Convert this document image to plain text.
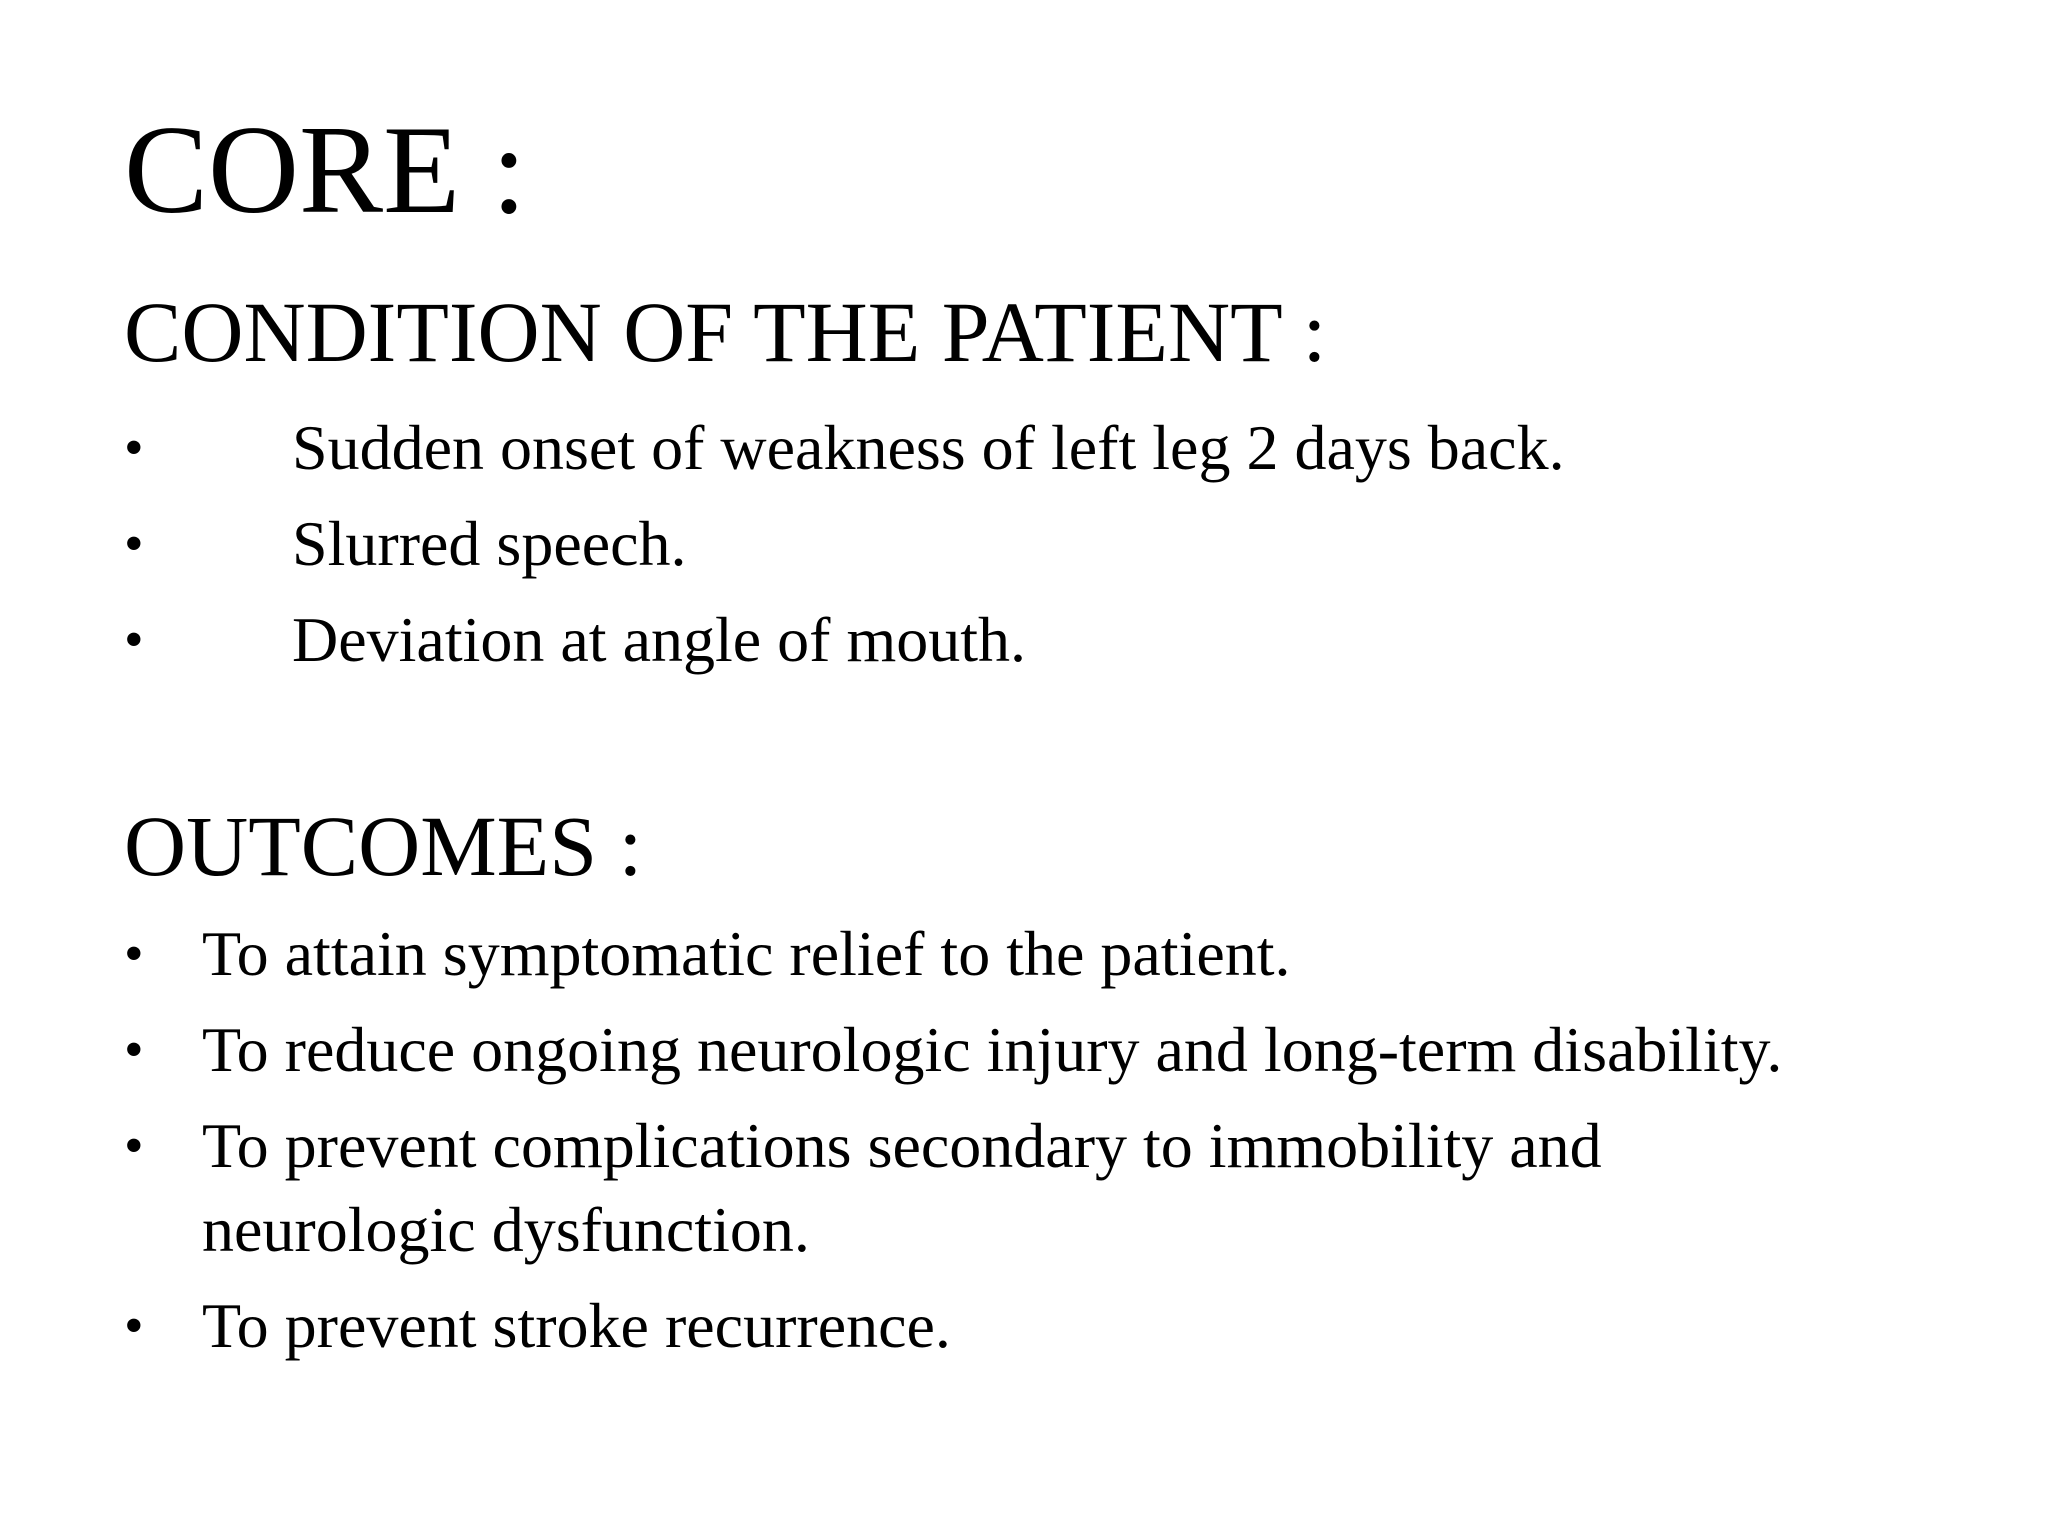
CORE :
CONDITION OF THE PATIENT :
• Sudden onset of weakness of left leg 2 days back.
• Slurred speech.
• Deviation at angle of mouth.
OUTCOMES :
• To attain symptomatic relief to the patient.
• To reduce ongoing neurologic injury and long-term disability.
• To prevent complications secondary to immobility and neurologic dysfunction.
• To prevent stroke recurrence.
